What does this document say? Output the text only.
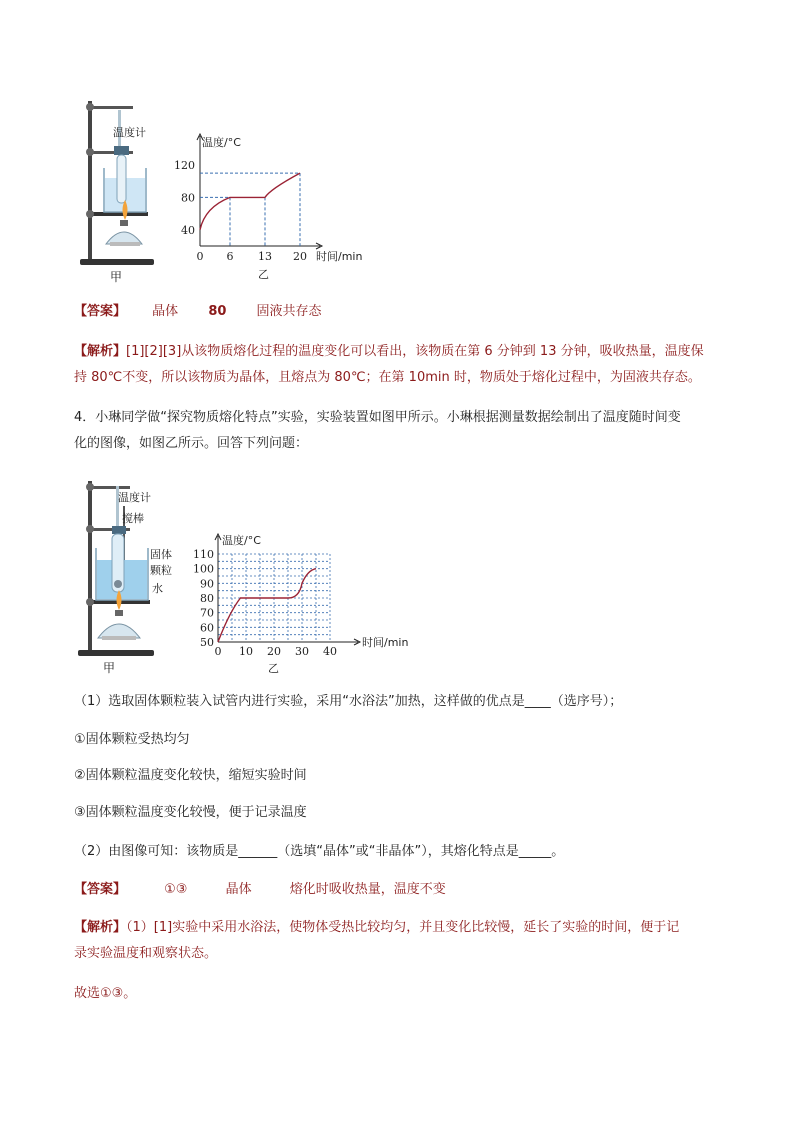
温度计
甲
0 6 13 20
40
80
120
温度/°C
时间/min
乙
【答案】 晶体 80 固液共存态
【解析】[1][2][3]从该物质熔化过程的温度变化可以看出，该物质在第 6 分钟到 13 分钟，吸收热量，温度保
持 80℃不变，所以该物质为晶体，且熔点为 80℃；在第 10min 时，物质处于熔化过程中，为固液共存态。
4．小琳同学做“探究物质熔化特点”实验，实验装置如图甲所示。小琳根据测量数据绘制出了温度随时间变
化的图像，如图乙所示。回答下列问题：
温度计
搅棒
固体
颗粒
水
甲
0 10 20 30 40
50
60
70
80
90
100
110
温度/°C
时间/min
乙
（1）选取固体颗粒装入试管内进行实验，采用“水浴法”加热，这样做的优点是____（选序号）；
①固体颗粒受热均匀
②固体颗粒温度变化较快，缩短实验时间
③固体颗粒温度变化较慢，便于记录温度
（2）由图像可知：该物质是______（选填“晶体”或“非晶体”），其熔化特点是_____。
【答案】	①③	晶体	熔化时吸收热量，温度不变
【解析】（1）[1]实验中采用水浴法，使物体受热比较均匀，并且变化比较慢，延长了实验的时间，便于记
录实验温度和观察状态。
故选①③。
